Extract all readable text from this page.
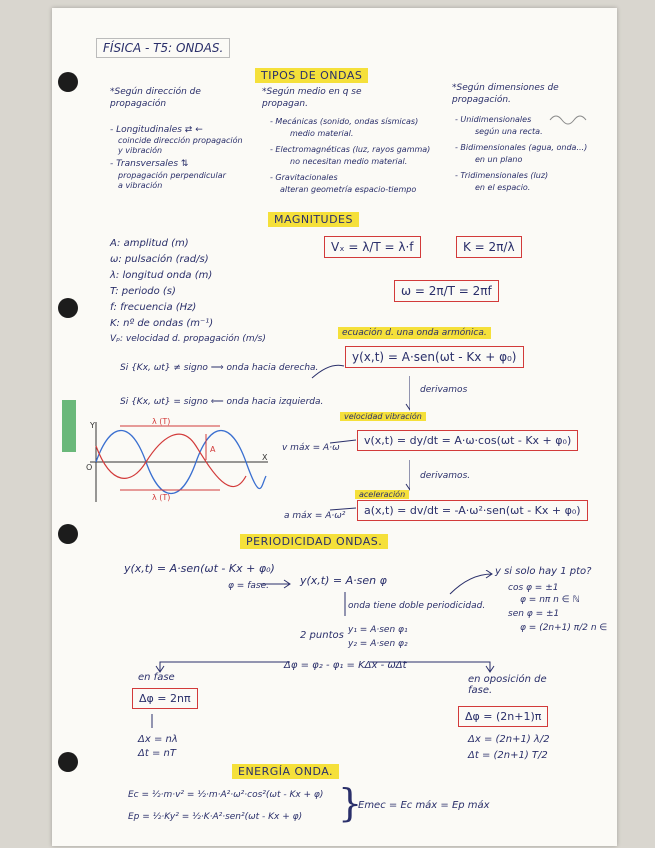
FÍSICA - T5: ONDAS.
TIPOS DE ONDAS
*Según dirección de propagación
- Longitudinales ⇄ ←
coincide dirección propagación y vibración
- Transversales ⇅
propagación perpendicular a vibración
*Según medio en q se propagan.
- Mecánicas (sonido, ondas sísmicas)
medio material.
- Electromagnéticas (luz, rayos gamma)
no necesitan medio material.
- Gravitacionales
alteran geometría espacio-tiempo
*Según dimensiones de propagación.
- Unidimensionales
según una recta.
- Bidimensionales (agua, onda...)
en un plano
- Tridimensionales (luz)
en el espacio.
MAGNITUDES
A: amplitud (m)
ω: pulsación (rad/s)
λ: longitud onda (m)
T: periodo (s)
f: frecuencia (Hz)
K: nº de ondas (m⁻¹)
Vₚ: velocidad d. propagación (m/s)
Vₓ = λ/T = λ·f	K = 2π/λ
ω = 2π/T = 2πf
ecuación d. una onda armónica.
Si {Kx, ωt} ≠ signo ⟹ onda hacia derecha.
Si {Kx, ωt} = signo ⟸ onda hacia izquierda.
y(x,t) = A·sen(ωt - Kx + φ₀)
derivamos
velocidad vibración
v máx = A·ω
v(x,t) = dy/dt = A·ω·cos(ωt - Kx + φ₀)
derivamos.
aceleración
a máx = A·ω²	a(x,t) = dv/dt = -A·ω²·sen(ωt - Kx + φ₀)
Y
X
O
λ (T)
λ (T)
A
PERIODICIDAD ONDAS.
y(x,t) = A·sen(ωt - Kx + φ₀)
φ = fase.	y(x,t) = A·sen φ
onda tiene doble periodicidad.
2 puntos y₁ = A·sen φ₁
y₂ = A·sen φ₂
Δφ = φ₂ - φ₁ = KΔx - ωΔt
y si solo hay 1 pto?
cos φ = ±1
φ = nπ n ∈ ℕ
sen φ = ±1
φ = (2n+1) π/2 n ∈
en fase
Δφ = 2nπ
Δx = nλ
Δt = nT
en oposición de fase.
Δφ = (2n+1)π
Δx = (2n+1) λ/2
Δt = (2n+1) T/2
ENERGÍA ONDA.
Ec = ½·m·v² = ½·m·A²·ω²·cos²(ωt - Kx + φ)
Ep = ½·Ky² = ½·K·A²·sen²(ωt - Kx + φ) }
Emec = Ec máx = Ep máx
